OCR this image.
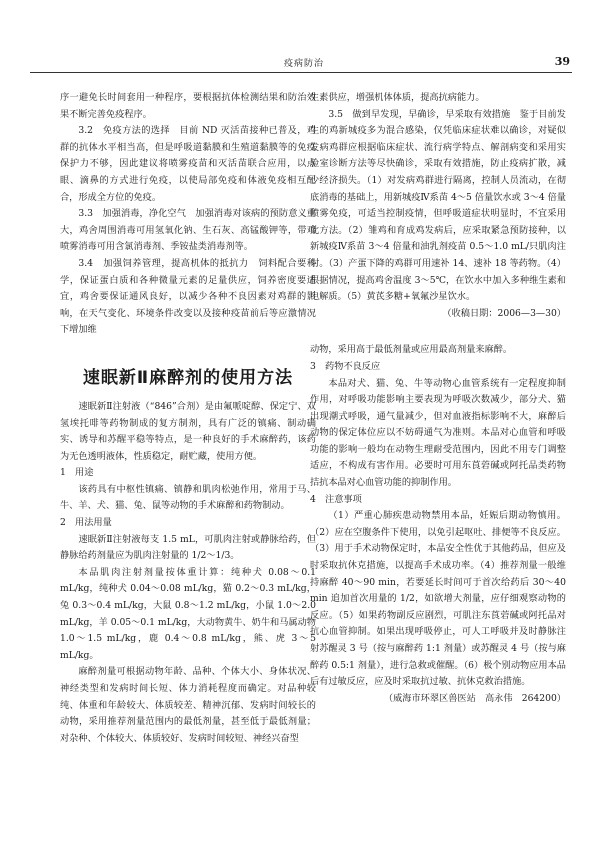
疫病防治	39

序一避免长时间套用一种程序，要根据抗体检测结果和防治效果不断完善免疫程序。

3.2　免疫方法的选择　目前 ND 灭活苗接种已普及，鸡群的抗体水平相当高，但是呼吸道黏膜和生殖道黏膜等的免疫保护力不够，因此建议将喷雾疫苗和灭活苗联合应用，以点眼、滴鼻的方式进行免疫，以使局部免疫和体液免疫相互配合，形成全方位的免疫。

3.3　加强消毒，净化空气　加强消毒对该病的预防意义重大，鸡舍周围消毒可用氢氧化钠、生石灰、高锰酸钾等，带鸡喷雾消毒可用含氯消毒剂、季铵盐类消毒剂等。

3.4　加强饲养管理，提高机体的抵抗力　饲料配合要科学，保证蛋白质和各种微量元素的足量供应，饲养密度要适宜，鸡舍要保证通风良好，以减少各种不良因素对鸡群的影响，在天气变化、环境条件改变以及接种疫苗前后等应激情况下增加维

速眠新Ⅱ麻醉剂的使用方法

速眠新Ⅱ注射液（“846”合剂）是由氟哌啶醇、保定宁、双氢埃托啡等药物制成的复方制剂，具有广泛的镇痛、制动确实、诱导和苏醒平稳等特点，是一种良好的手术麻醉药，该药为无色透明液体，性质稳定，耐贮藏，使用方便。

1　用途

该药具有中枢性镇痛、镇静和肌肉松弛作用，常用于马、牛、羊、犬、猫、兔、鼠等动物的手术麻醉和药物制动。

2　用法用量

速眠新Ⅱ注射液每支 1.5 mL，可肌肉注射或静脉给药，但静脉给药剂量应为肌肉注射量的 1/2～1/3。

本品肌肉注射剂量按体重计算：纯种犬 0.08～0.1 mL/kg，纯种犬 0.04～0.08 mL/kg，猫 0.2～0.3 mL/kg，兔 0.3～0.4 mL/kg，大鼠 0.8～1.2 mL/kg，小鼠 1.0～2.0 mL/kg，羊 0.05～0.1 mL/kg，大动物黄牛、奶牛和马属动物 1.0～1.5 mL/kg，鹿 0.4～0.8 mL/kg，熊、虎 3～5 mL/kg。

麻醉剂量可根据动物年龄、品种、个体大小、身体状况、神经类型和发病时间长短、体力消耗程度而确定。对品种较纯、体重和年龄较大、体质较差、精神沉郁、发病时间较长的动物，采用推荐剂量范围内的最低剂量，甚至低于最低剂量；对杂种、个体较大、体质较好、发病时间较短、神经兴奋型

生素供应，增强机体体质，提高抗病能力。

3.5　做到早发现，早确诊，早采取有效措施　鉴于目前发生的鸡新城疫多为混合感染，仅凭临床症状难以确诊，对疑似发病鸡群应根据临床症状、流行病学特点、解剖病变和采用实验室诊断方法等尽快确诊，采取有效措施，防止疫病扩散，减少经济损失。（1）对发病鸡群进行隔离，控制人员流动，在彻底消毒的基础上，用新城疫Ⅳ系苗 4～5 倍量饮水或 3～4 倍量喷雾免疫，可适当控制疫情，但呼吸道症状明显时，不宜采用此方法。（2）雏鸡和育成鸡发病后，应采取紧急预防接种，以新城疫Ⅳ系苗 3～4 倍量和油乳剂疫苗 0.5～1.0 mL/只肌肉注射。（3）产蛋下降的鸡群可用速补 14、速补 18 等药物。（4）根据情况，提高鸡舍温度 3～5℃，在饮水中加入多种维生素和电解质。（5）黄芪多糖+氧氟沙星饮水。

（收稿日期：2006—3—30）

动物，采用高于最低剂量或应用最高剂量来麻醉。

3　药物不良反应

本品对犬、猫、兔、牛等动物心血管系统有一定程度抑制作用，对呼吸功能影响主要表现为呼吸次数减少，部分犬、猫出现潮式呼吸，通气量减少，但对血液指标影响不大，麻醉后动物的保定体位应以不妨碍通气为准则。本品对心血管和呼吸功能的影响一般均在动物生理耐受范围内，因此不用专门调整适应，不构成有害作用。必要时可用东莨菪碱或阿托品类药物拮抗本品对心血管功能的抑制作用。

4　注意事项

（1）严重心肺疾患动物禁用本品，妊娠后期动物慎用。（2）应在空腹条件下使用，以免引起呕吐、排便等不良反应。（3）用于手术动物保定时，本品安全性优于其他药品，但应及时采取抗休克措施，以提高手术成功率。（4）推荐剂量一般维持麻醉 40～90 min，若要延长时间可于首次给药后 30～40 min 追加首次用量的 1/2，如欲增大剂量，应仔细观察动物的反应。（5）如果药物副反应剧烈，可肌注东莨菪碱或阿托品对抗心血管抑制。如果出现呼吸停止，可人工呼吸并及时静脉注射苏醒灵 3 号（按与麻醉药 1:1 剂量）或苏醒灵 4 号（按与麻醉药 0.5:1 剂量），进行急救或催醒。（6）极个别动物应用本品后有过敏反应，应及时采取抗过敏、抗休克救治措施。

（威海市环翠区兽医站　高永伟　264200）
